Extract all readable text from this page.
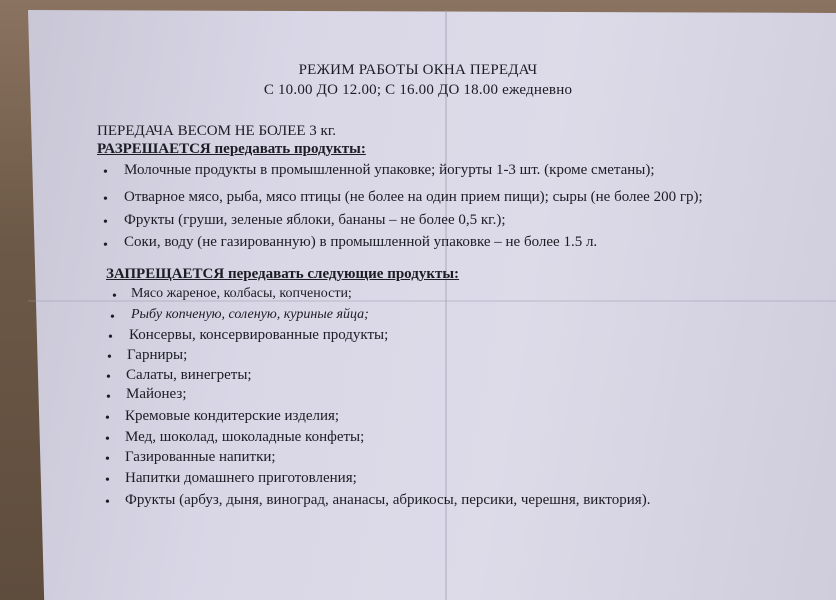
РЕЖИМ РАБОТЫ ОКНА ПЕРЕДАЧ
С 10.00 ДО 12.00; С 16.00 ДО 18.00 ежедневно
ПЕРЕДАЧА ВЕСОМ НЕ БОЛЕЕ 3 кг.
РАЗРЕШАЕТСЯ передавать продукты:
• Молочные продукты в промышленной упаковке; йогурты 1-3 шт. (кроме сметаны);
• Отварное мясо, рыба, мясо птицы (не более на один прием пищи); сыры (не более 200 гр);
• Фрукты (груши, зеленые яблоки, бананы – не более 0,5 кг.);
• Соки, воду (не газированную) в промышленной упаковке – не более 1.5 л.
ЗАПРЕЩАЕТСЯ передавать следующие продукты:
• Мясо жареное, колбасы, копчености;
• Рыбу копченую, соленую, куриные яйца;
• Консервы, консервированные продукты;
• Гарниры;
• Салаты, винегреты;
• Майонез;
• Кремовые кондитерские изделия;
• Мед, шоколад, шоколадные конфеты;
• Газированные напитки;
• Напитки домашнего приготовления;
• Фрукты (арбуз, дыня, виноград, ананасы, абрикосы, персики, черешня, виктория).
